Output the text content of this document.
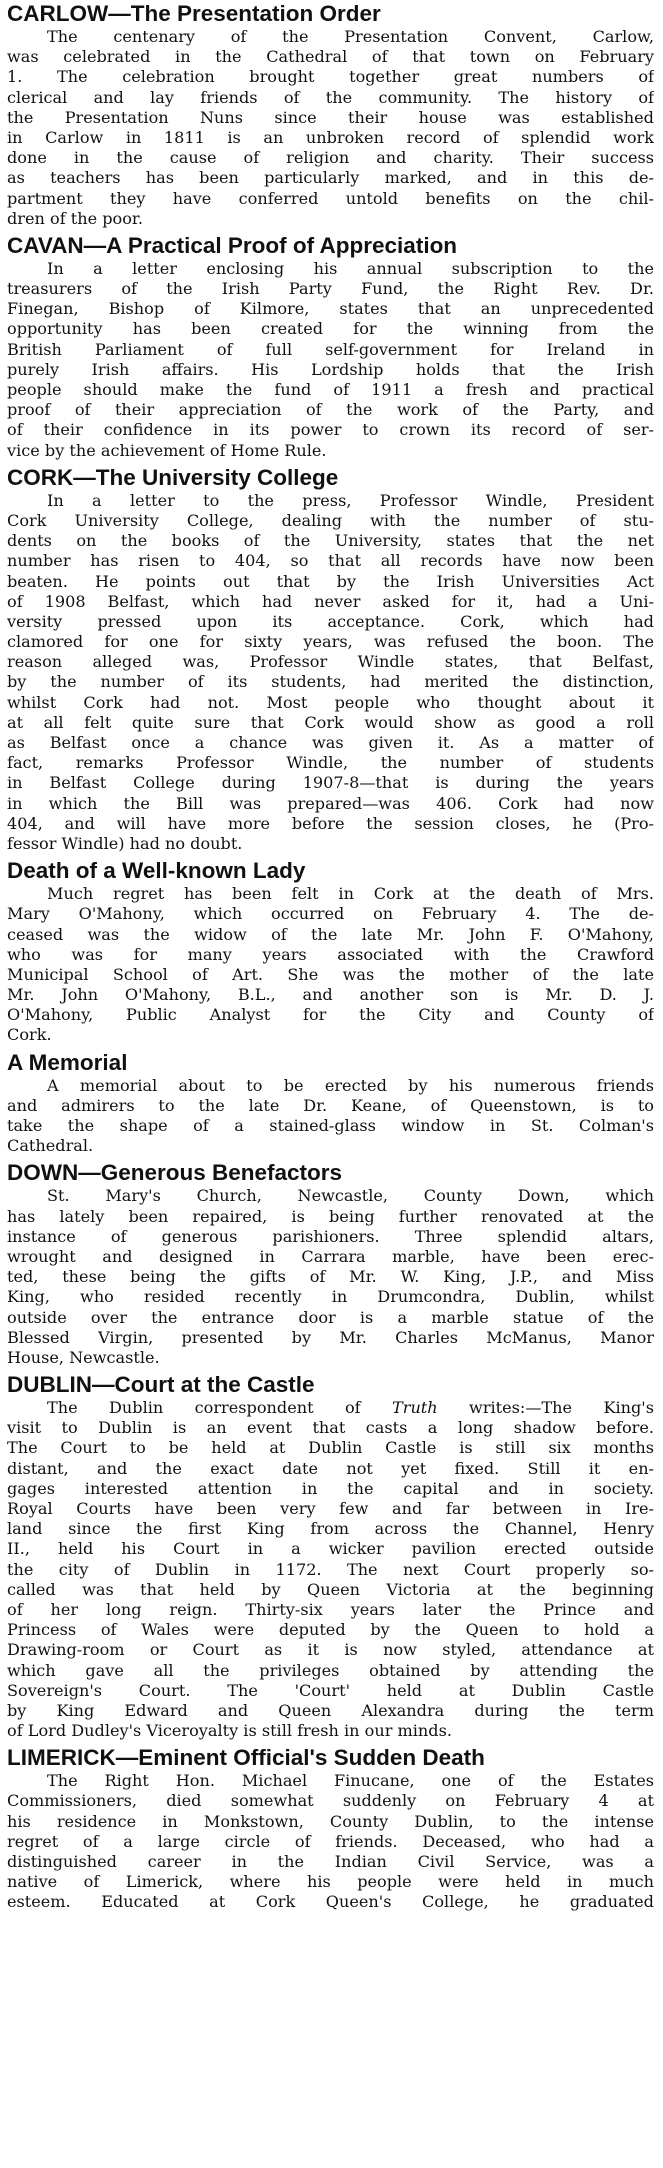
CARLOW—The Presentation Order
The centenary of the Presentation Convent, Carlow,
was celebrated in the Cathedral of that town on February
1. The celebration brought together great numbers of
clerical and lay friends of the community. The history of
the Presentation Nuns since their house was established
in Carlow in 1811 is an unbroken record of splendid work
done in the cause of religion and charity. Their success
as teachers has been particularly marked, and in this de-
partment they have conferred untold benefits on the chil-
dren of the poor.
CAVAN—A Practical Proof of Appreciation
In a letter enclosing his annual subscription to the
treasurers of the Irish Party Fund, the Right Rev. Dr.
Finegan, Bishop of Kilmore, states that an unprecedented
opportunity has been created for the winning from the
British Parliament of full self-government for Ireland in
purely Irish affairs. His Lordship holds that the Irish
people should make the fund of 1911 a fresh and practical
proof of their appreciation of the work of the Party, and
of their confidence in its power to crown its record of ser-
vice by the achievement of Home Rule.
CORK—The University College
In a letter to the press, Professor Windle, President
Cork University College, dealing with the number of stu-
dents on the books of the University, states that the net
number has risen to 404, so that all records have now been
beaten. He points out that by the Irish Universities Act
of 1908 Belfast, which had never asked for it, had a Uni-
versity pressed upon its acceptance. Cork, which had
clamored for one for sixty years, was refused the boon. The
reason alleged was, Professor Windle states, that Belfast,
by the number of its students, had merited the distinction,
whilst Cork had not. Most people who thought about it
at all felt quite sure that Cork would show as good a roll
as Belfast once a chance was given it. As a matter of
fact, remarks Professor Windle, the number of students
in Belfast College during 1907-8—that is during the years
in which the Bill was prepared—was 406. Cork had now
404, and will have more before the session closes, he (Pro-
fessor Windle) had no doubt.
Death of a Well-known Lady
Much regret has been felt in Cork at the death of Mrs.
Mary O'Mahony, which occurred on February 4. The de-
ceased was the widow of the late Mr. John F. O'Mahony,
who was for many years associated with the Crawford
Municipal School of Art. She was the mother of the late
Mr. John O'Mahony, B.L., and another son is Mr. D. J.
O'Mahony, Public Analyst for the City and County of
Cork.
A Memorial
A memorial about to be erected by his numerous friends
and admirers to the late Dr. Keane, of Queenstown, is to
take the shape of a stained-glass window in St. Colman's
Cathedral.
DOWN—Generous Benefactors
St. Mary's Church, Newcastle, County Down, which
has lately been repaired, is being further renovated at the
instance of generous parishioners. Three splendid altars,
wrought and designed in Carrara marble, have been erec-
ted, these being the gifts of Mr. W. King, J.P., and Miss
King, who resided recently in Drumcondra, Dublin, whilst
outside over the entrance door is a marble statue of the
Blessed Virgin, presented by Mr. Charles McManus, Manor
House, Newcastle.
DUBLIN—Court at the Castle
The Dublin correspondent of Truth writes:—The King's
visit to Dublin is an event that casts a long shadow before.
The Court to be held at Dublin Castle is still six months
distant, and the exact date not yet fixed. Still it en-
gages interested attention in the capital and in society.
Royal Courts have been very few and far between in Ire-
land since the first King from across the Channel, Henry
II., held his Court in a wicker pavilion erected outside
the city of Dublin in 1172. The next Court properly so-
called was that held by Queen Victoria at the beginning
of her long reign. Thirty-six years later the Prince and
Princess of Wales were deputed by the Queen to hold a
Drawing-room or Court as it is now styled, attendance at
which gave all the privileges obtained by attending the
Sovereign's Court. The 'Court' held at Dublin Castle
by King Edward and Queen Alexandra during the term
of Lord Dudley's Viceroyalty is still fresh in our minds.
LIMERICK—Eminent Official's Sudden Death
The Right Hon. Michael Finucane, one of the Estates
Commissioners, died somewhat suddenly on February 4 at
his residence in Monkstown, County Dublin, to the intense
regret of a large circle of friends. Deceased, who had a
distinguished career in the Indian Civil Service, was a
native of Limerick, where his people were held in much
esteem. Educated at Cork Queen's College, he graduated
